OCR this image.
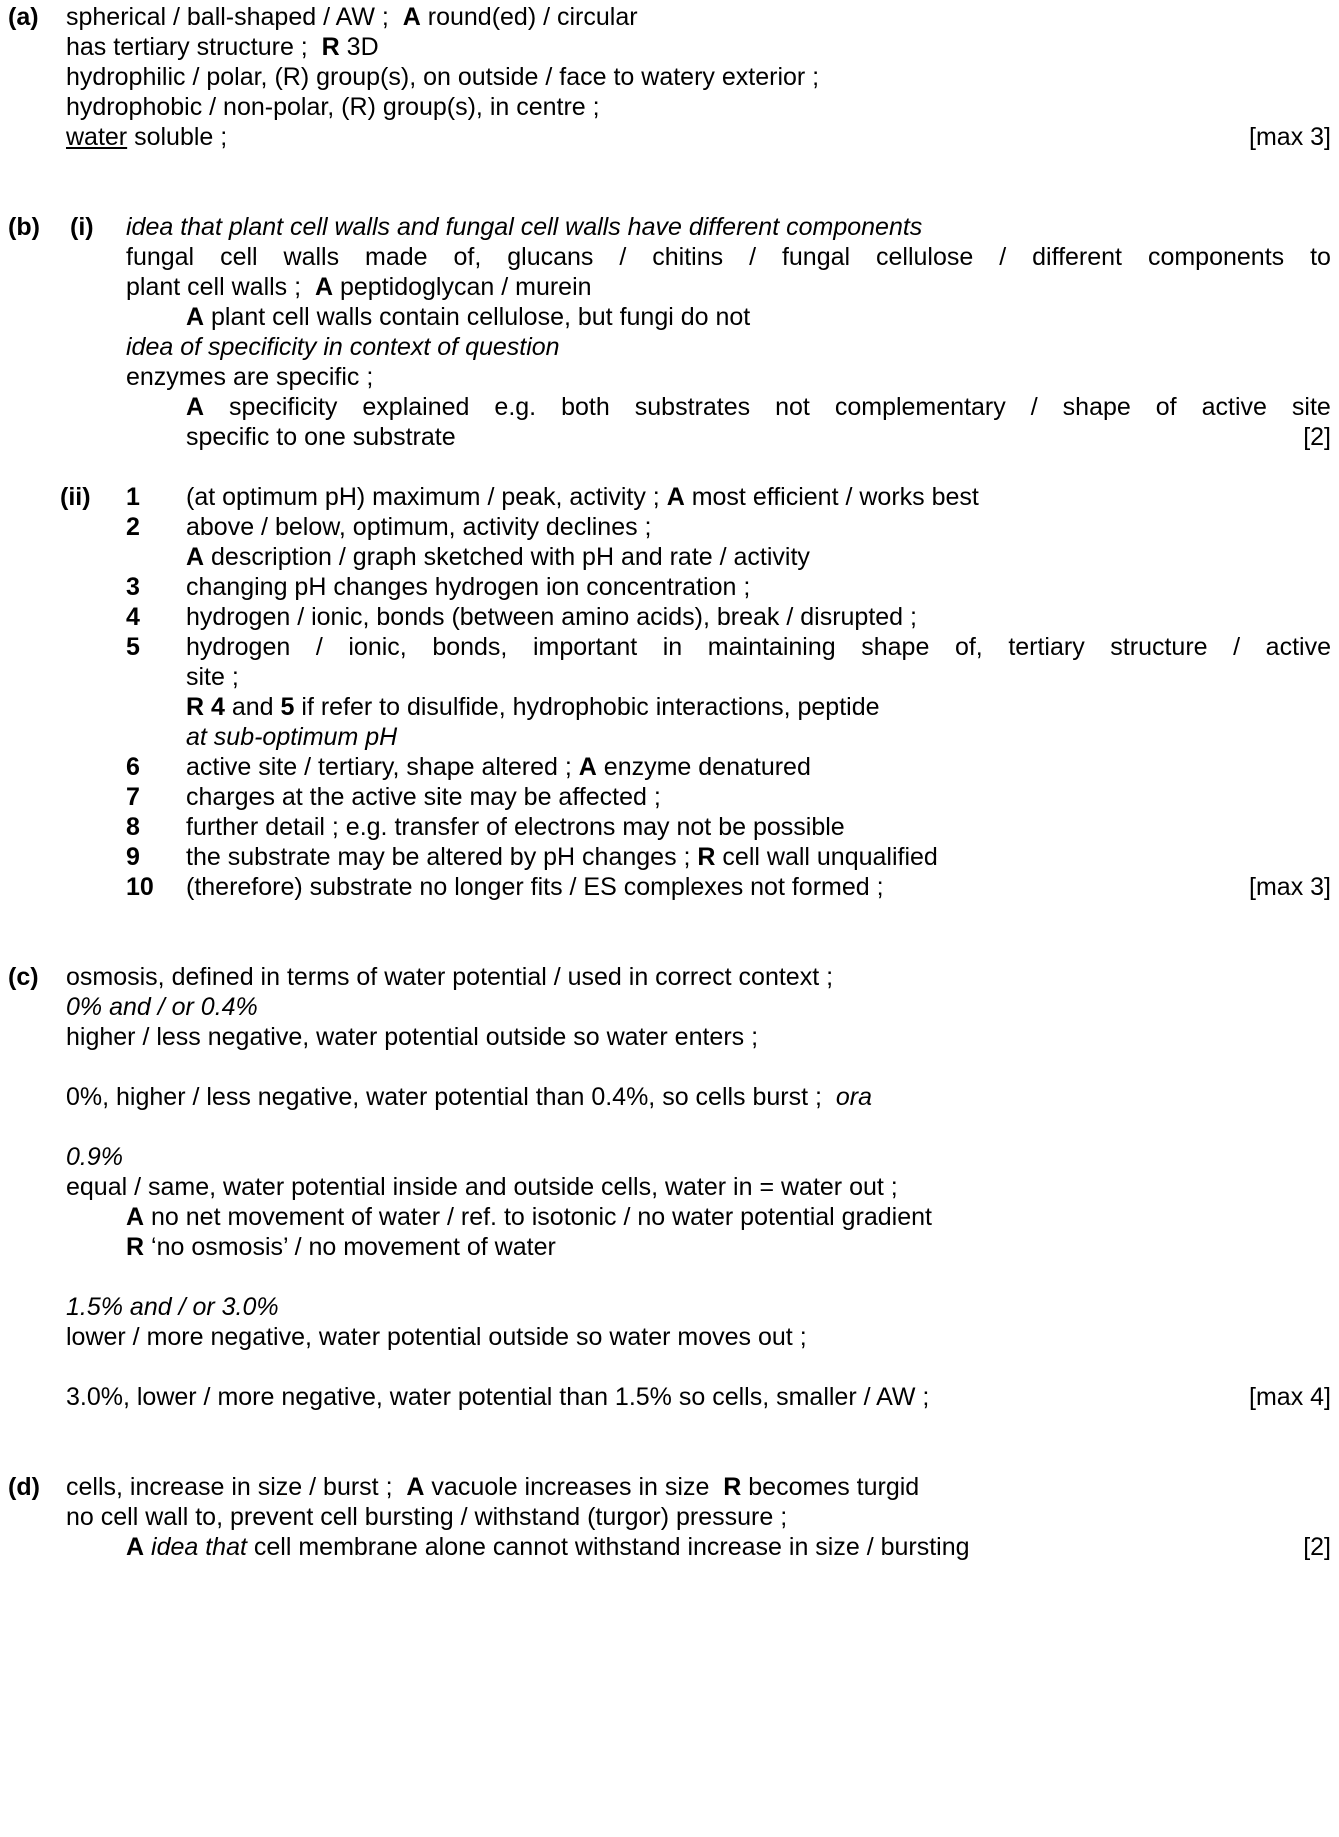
(a) spherical / ball-shaped / AW ; A round(ed) / circular
has tertiary structure ; R 3D
hydrophilic / polar, (R) group(s), on outside / face to watery exterior ;
hydrophobic / non-polar, (R) group(s), in centre ;
water soluble ;	[max 3]
(b) (i) idea that plant cell walls and fungal cell walls have different components
fungal cell walls made of, glucans / chitins / fungal cellulose / different components to
plant cell walls ; A peptidoglycan / murein
A plant cell walls contain cellulose, but fungi do not
idea of specificity in context of question
enzymes are specific ;
A specificity explained e.g. both substrates not complementary / shape of active site
specific to one substrate	[2]
(ii) 1 (at optimum pH) maximum / peak, activity ; A most efficient / works best
2 above / below, optimum, activity declines ;
A description / graph sketched with pH and rate / activity
3 changing pH changes hydrogen ion concentration ;
4 hydrogen / ionic, bonds (between amino acids), break / disrupted ;
5 hydrogen / ionic, bonds, important in maintaining shape of, tertiary structure / active
site ;
R 4 and 5 if refer to disulfide, hydrophobic interactions, peptide
at sub-optimum pH
6 active site / tertiary, shape altered ; A enzyme denatured
7 charges at the active site may be affected ;
8 further detail ; e.g. transfer of electrons may not be possible
9 the substrate may be altered by pH changes ; R cell wall unqualified
10 (therefore) substrate no longer fits / ES complexes not formed ;	[max 3]
(c) osmosis, defined in terms of water potential / used in correct context ;
0% and / or 0.4%
higher / less negative, water potential outside so water enters ;
0%, higher / less negative, water potential than 0.4%, so cells burst ; ora
0.9%
equal / same, water potential inside and outside cells, water in = water out ;
A no net movement of water / ref. to isotonic / no water potential gradient
R ‘no osmosis’ / no movement of water
1.5% and / or 3.0%
lower / more negative, water potential outside so water moves out ;
3.0%, lower / more negative, water potential than 1.5% so cells, smaller / AW ;	[max 4]
(d) cells, increase in size / burst ; A vacuole increases in size  R becomes turgid
no cell wall to, prevent cell bursting / withstand (turgor) pressure ;
A idea that cell membrane alone cannot withstand increase in size / bursting	[2]
